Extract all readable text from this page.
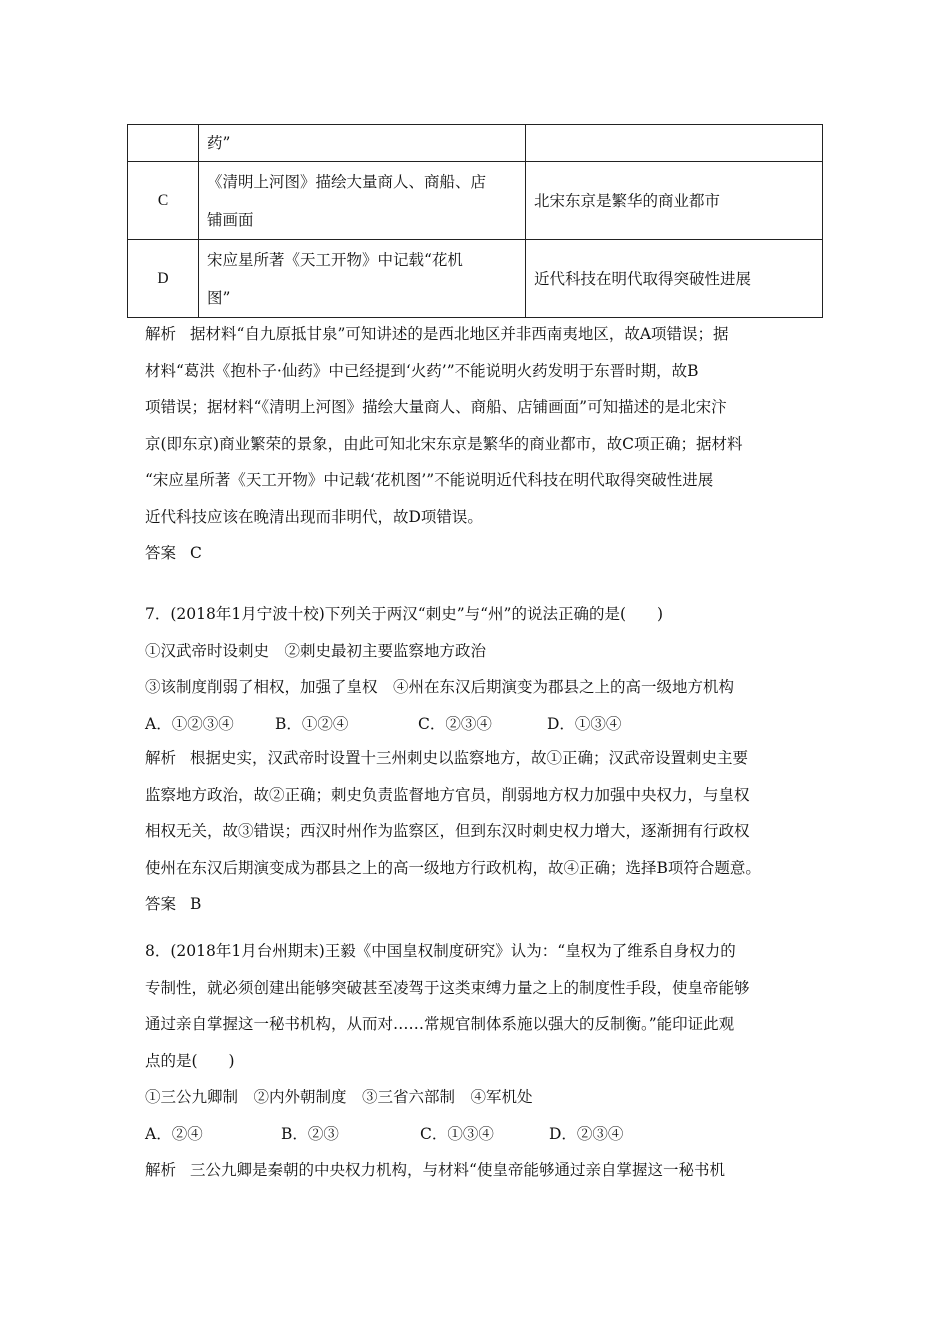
	药”	
C	《清明上河图》描绘大量商人、商船、店
铺画面	北宋东京是繁华的商业都市
D	宋应星所著《天工开物》中记载“花机
图”	近代科技在明代取得突破性进展
解析 据材料“自九原抵甘泉”可知讲述的是西北地区并非西南夷地区，故A项错误；据
材料“葛洪《抱朴子·仙药》中已经提到‘火药’”不能说明火药发明于东晋时期，故B
项错误；据材料“《清明上河图》描绘大量商人、商船、店铺画面”可知描述的是北宋汴
京(即东京)商业繁荣的景象，由此可知北宋东京是繁华的商业都市，故C项正确；据材料
“宋应星所著《天工开物》中记载‘花机图’”不能说明近代科技在明代取得突破性进展
近代科技应该在晚清出现而非明代，故D项错误。
答案 C
7．(2018年1月宁波十校)下列关于两汉“刺史”与“州”的说法正确的是(　　)
①汉武帝时设刺史　②刺史最初主要监察地方政治
③该制度削弱了相权，加强了皇权　④州在东汉后期演变为郡县之上的高一级地方机构
A．①②③④	B．①②④	C．②③④	D．①③④
解析 根据史实，汉武帝时设置十三州刺史以监察地方，故①正确；汉武帝设置刺史主要
监察地方政治，故②正确；刺史负责监督地方官员，削弱地方权力加强中央权力，与皇权
相权无关，故③错误；西汉时州作为监察区，但到东汉时刺史权力增大，逐渐拥有行政权
使州在东汉后期演变成为郡县之上的高一级地方行政机构，故④正确；选择B项符合题意。
答案 B
8．(2018年1月台州期末)王毅《中国皇权制度研究》认为：“皇权为了维系自身权力的
专制性，就必须创建出能够突破甚至凌驾于这类束缚力量之上的制度性手段，使皇帝能够
通过亲自掌握这一秘书机构，从而对……常规官制体系施以强大的反制衡。”能印证此观
点的是(　　)
①三公九卿制　②内外朝制度　③三省六部制　④军机处
A．②④	B．②③	C．①③④	D．②③④
解析 三公九卿是秦朝的中央权力机构，与材料“使皇帝能够通过亲自掌握这一秘书机
